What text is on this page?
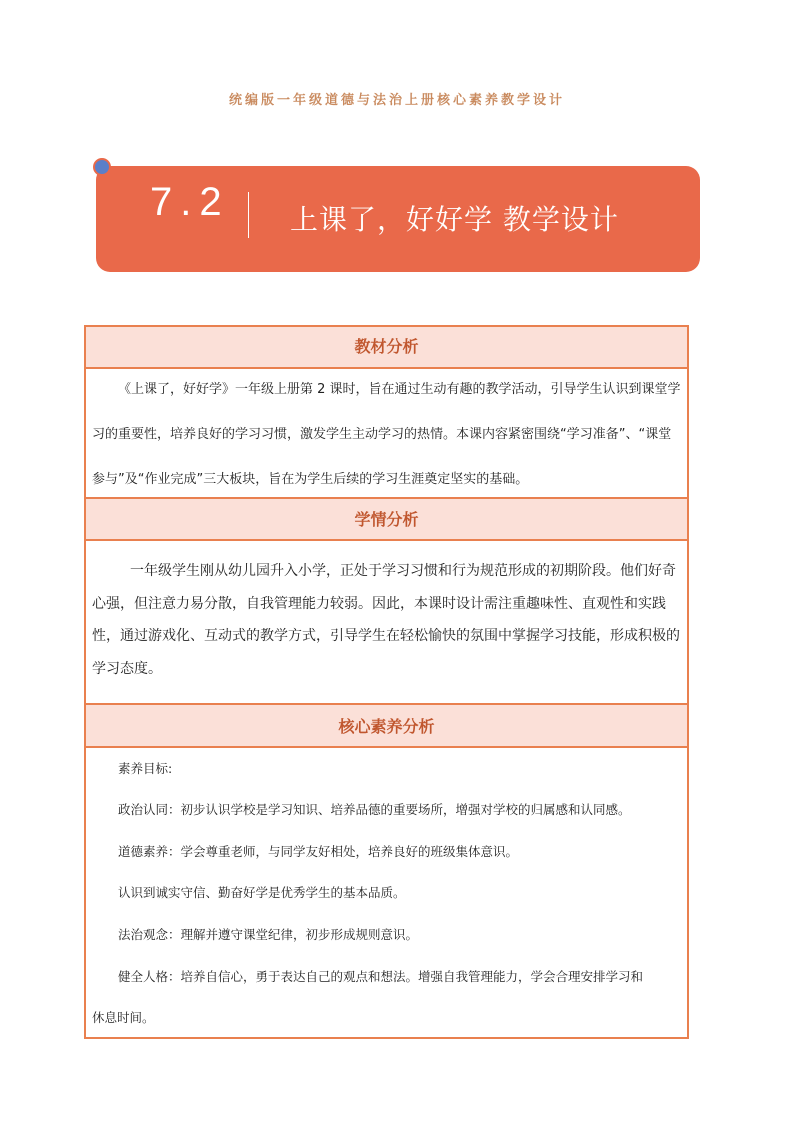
统编版一年级道德与法治上册核心素养教学设计
7.2 上课了，好好学 教学设计
教材分析

《上课了，好好学》一年级上册第 2 课时，旨在通过生动有趣的教学活动，引导学生认识到课堂学习的重要性，培养良好的学习习惯，激发学生主动学习的热情。本课内容紧密围绕“学习准备”、“课堂参与”及“作业完成”三大板块，旨在为学生后续的学习生涯奠定坚实的基础。

学情分析

一年级学生刚从幼儿园升入小学，正处于学习习惯和行为规范形成的初期阶段。他们好奇心强，但注意力易分散，自我管理能力较弱。因此，本课时设计需注重趣味性、直观性和实践性，通过游戏化、互动式的教学方式，引导学生在轻松愉快的氛围中掌握学习技能，形成积极的学习态度。

核心素养分析
素养目标:
政治认同：初步认识学校是学习知识、培养品德的重要场所，增强对学校的归属感和认同感。
道德素养：学会尊重老师，与同学友好相处，培养良好的班级集体意识。
认识到诚实守信、勤奋好学是优秀学生的基本品质。
法治观念：理解并遵守课堂纪律，初步形成规则意识。
健全人格：培养自信心，勇于表达自己的观点和想法。增强自我管理能力，学会合理安排学习和
休息时间。
